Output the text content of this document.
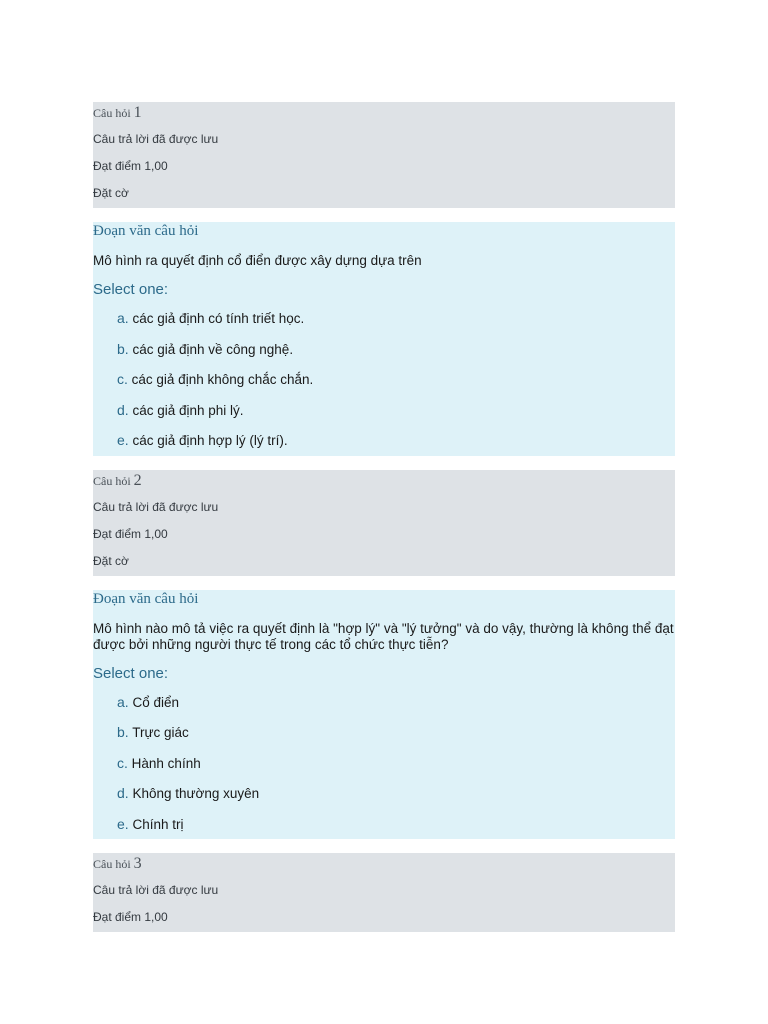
Câu hỏi 1
Câu trả lời đã được lưu
Đạt điểm 1,00
Đặt cờ
Đoạn văn câu hỏi
Mô hình ra quyết định cổ điển được xây dựng dựa trên
Select one:
a. các giả định có tính triết học.
b. các giả định về công nghệ.
c. các giả định không chắc chắn.
d. các giả định phi lý.
e. các giả định hợp lý (lý trí).
Câu hỏi 2
Câu trả lời đã được lưu
Đạt điểm 1,00
Đặt cờ
Đoạn văn câu hỏi
Mô hình nào mô tả việc ra quyết định là "hợp lý" và "lý tưởng" và do vậy, thường là không thể đạt được bởi những người thực tế trong các tổ chức thực tiễn?
Select one:
a. Cổ điển
b. Trực giác
c. Hành chính
d. Không thường xuyên
e. Chính trị
Câu hỏi 3
Câu trả lời đã được lưu
Đạt điểm 1,00
